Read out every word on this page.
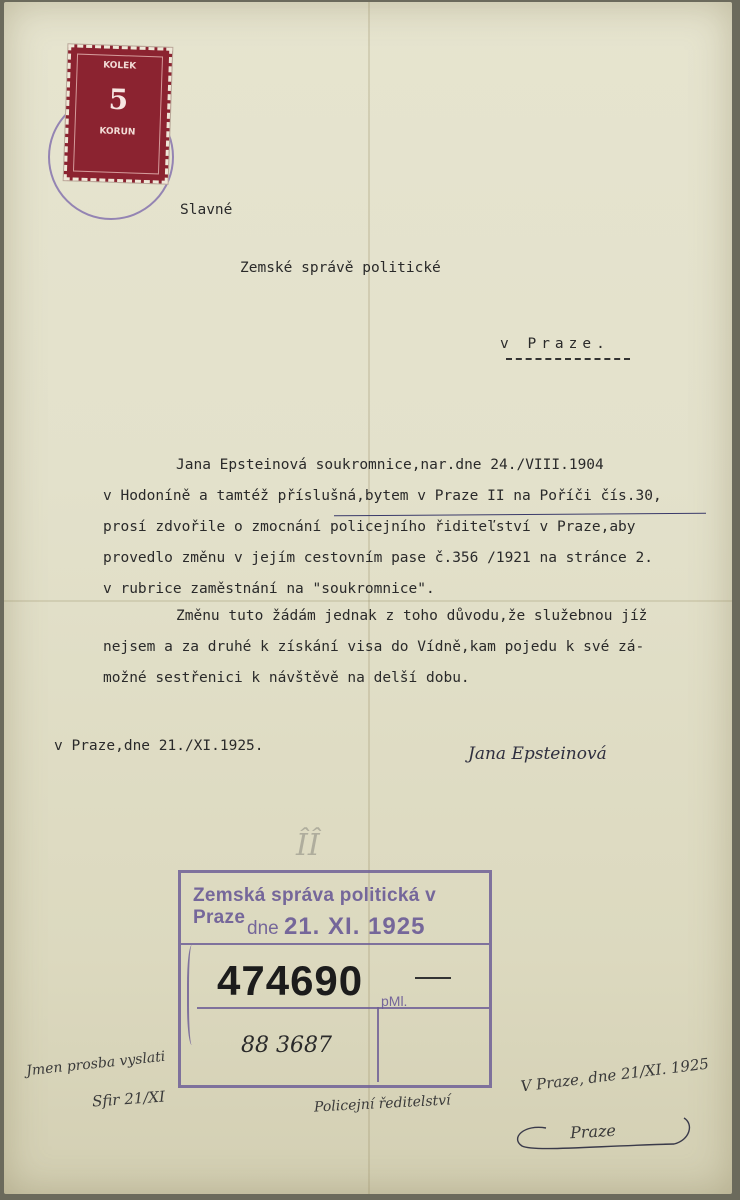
KOLEK
5
KORUN
Slavné
Zemské správě politické
v Praze.
Jana Epsteinová soukromnice,nar.dne 24./VIII.1904
v Hodoníně a tamtéž příslušná,bytem v Praze II na Poříči čís.30,
prosí zdvořile o zmocnání policejního řiditeľství v Praze,aby
provedlo změnu v jejím cestovním pase č.356 /1921 na stránce 2.
v rubrice zaměstnání na "soukromnice".
Změnu tuto žádám jednak z toho důvodu,že služebnou jíž
nejsem a za druhé k získání visa do Vídně,kam pojedu k své zá-
možné sestřenici k návštěvě na delší dobu.
v Praze,dne 21./XI.1925.	Jana Epsteinová
ÎÎ
Zemská správa politická v Praze
dne 21. XI. 1925
474690 pMl.
88 3687
Jmen prosba vyslati
Sfir 21/XI	Policejní ředitelství
V Praze, dne 21/XI. 1925
Praze
